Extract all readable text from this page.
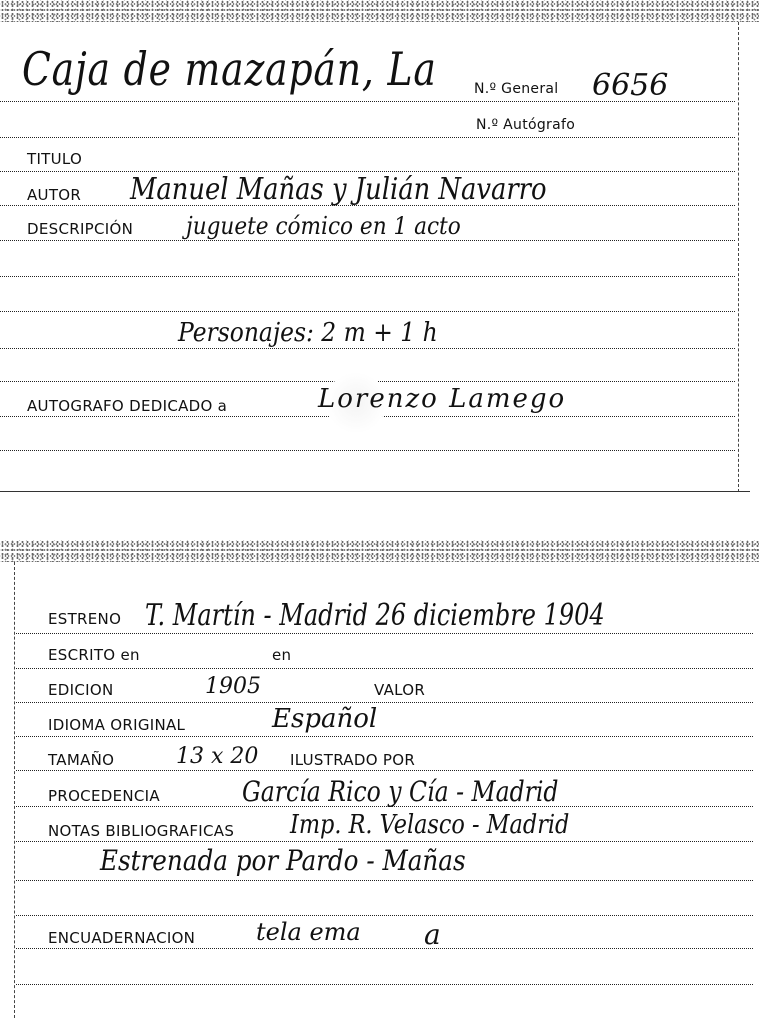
Caja de mazapán, La	N.º General 6656
N.º Autógrafo
TITULO
AUTOR Manuel Mañas y Julián Navarro
DESCRIPCIÓN juguete cómico en 1 acto
Personajes: 2 m + 1 h
AUTOGRAFO DEDICADO a	Lorenzo Lamego
ESTRENO T. Martín - Madrid 26 diciembre 1904
ESCRITO en	en
EDICION	1905	VALOR
IDIOMA ORIGINAL	Español
TAMAÑO	13 x 20 ILUSTRADO POR
PROCEDENCIA	García Rico y Cía - Madrid
NOTAS BIBLIOGRAFICAS Imp. R. Velasco - Madrid
Estrenada por Pardo - Mañas
ENCUADERNACION	tela ema a
